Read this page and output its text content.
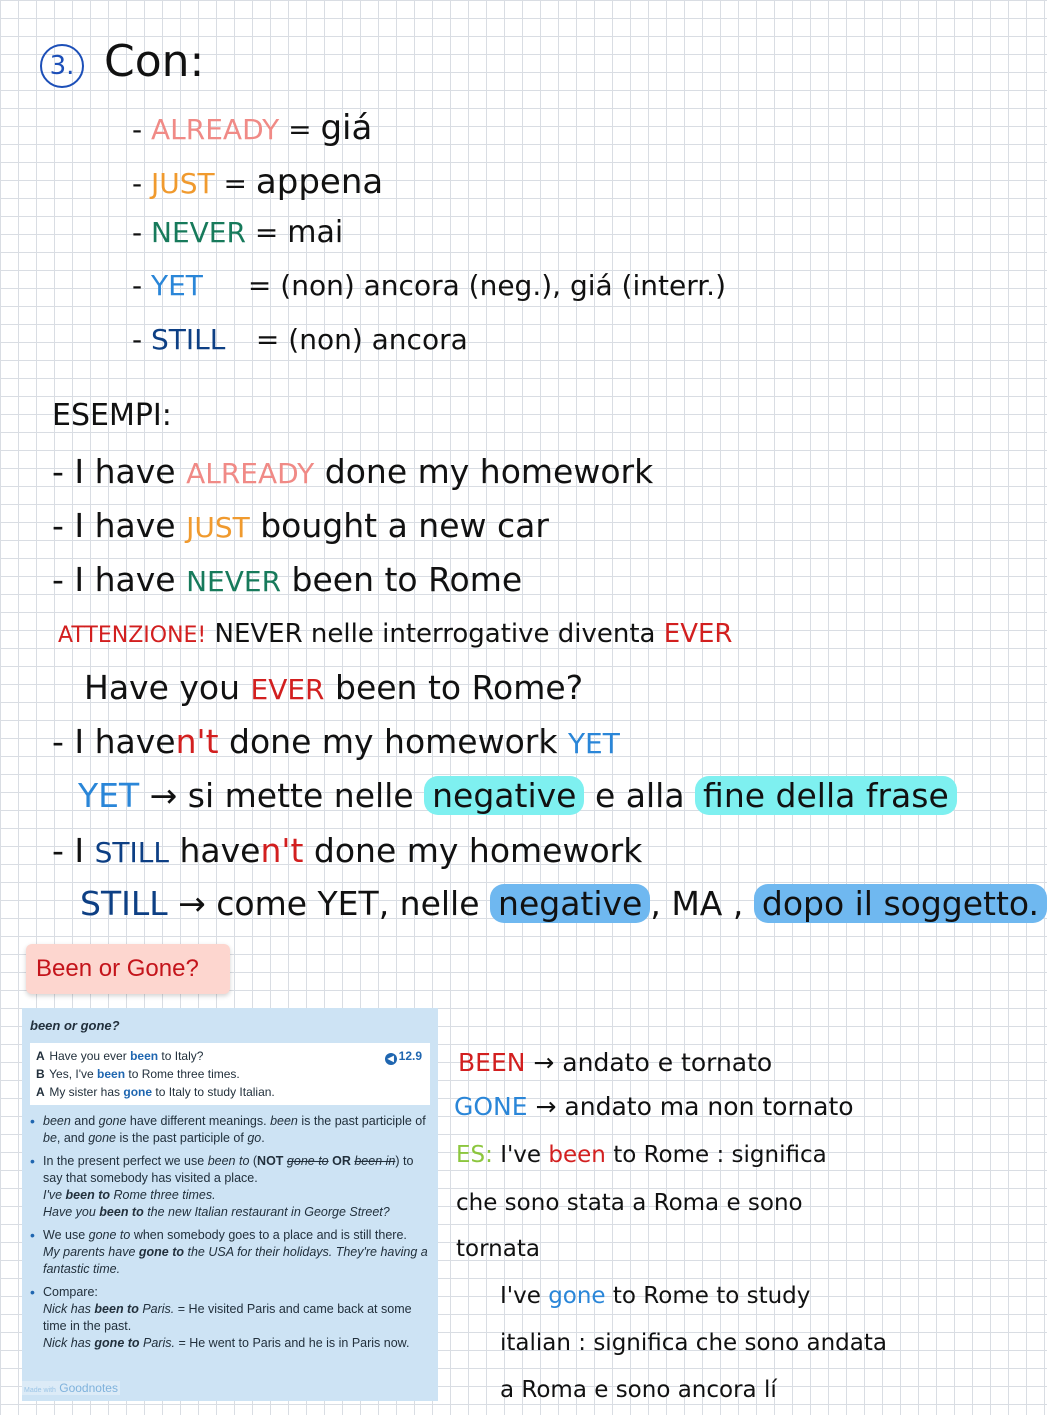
3. Con:
- ALREADY = giá
- JUST = appena
- NEVER = mai
- YET = (non) ancora (neg.), giá (interr.)
- STILL = (non) ancora
ESEMPI:
- I have ALREADY done my homework
- I have JUST bought a new car
- I have NEVER been to Rome
ATTENZIONE! NEVER nelle interrogative diventa EVER
Have you EVER been to Rome?
- I haven't done my homework YET
YET → si mette nelle negative e alla fine della frase
- I STILL haven't done my homework
STILL → come YET, nelle negative , MA , dopo il soggetto.
Been or Gone?
been or gone?
◀ 12.9
A Have you ever been to Italy?
B Yes, I've been to Rome three times.
A My sister has gone to Italy to study Italian.
• been and gone have different meanings. been is the past participle of be, and gone is the past participle of go.
• In the present perfect we use been to (NOT gone to OR been in) to say that somebody has visited a place.
I've been to Rome three times.
Have you been to the new Italian restaurant in George Street?
• We use gone to when somebody goes to a place and is still there.
My parents have gone to the USA for their holidays. They're having a fantastic time.
• Compare:
Nick has been to Paris. = He visited Paris and came back at some time in the past.
Nick has gone to Paris. = He went to Paris and he is in Paris now.
Made with Goodnotes
BEEN → andato e tornato
GONE → andato ma non tornato
ES: I've been to Rome : significa
che sono stata a Roma e sono
tornata
I've gone to Rome to study
italian : significa che sono andata
a Roma e sono ancora lí
